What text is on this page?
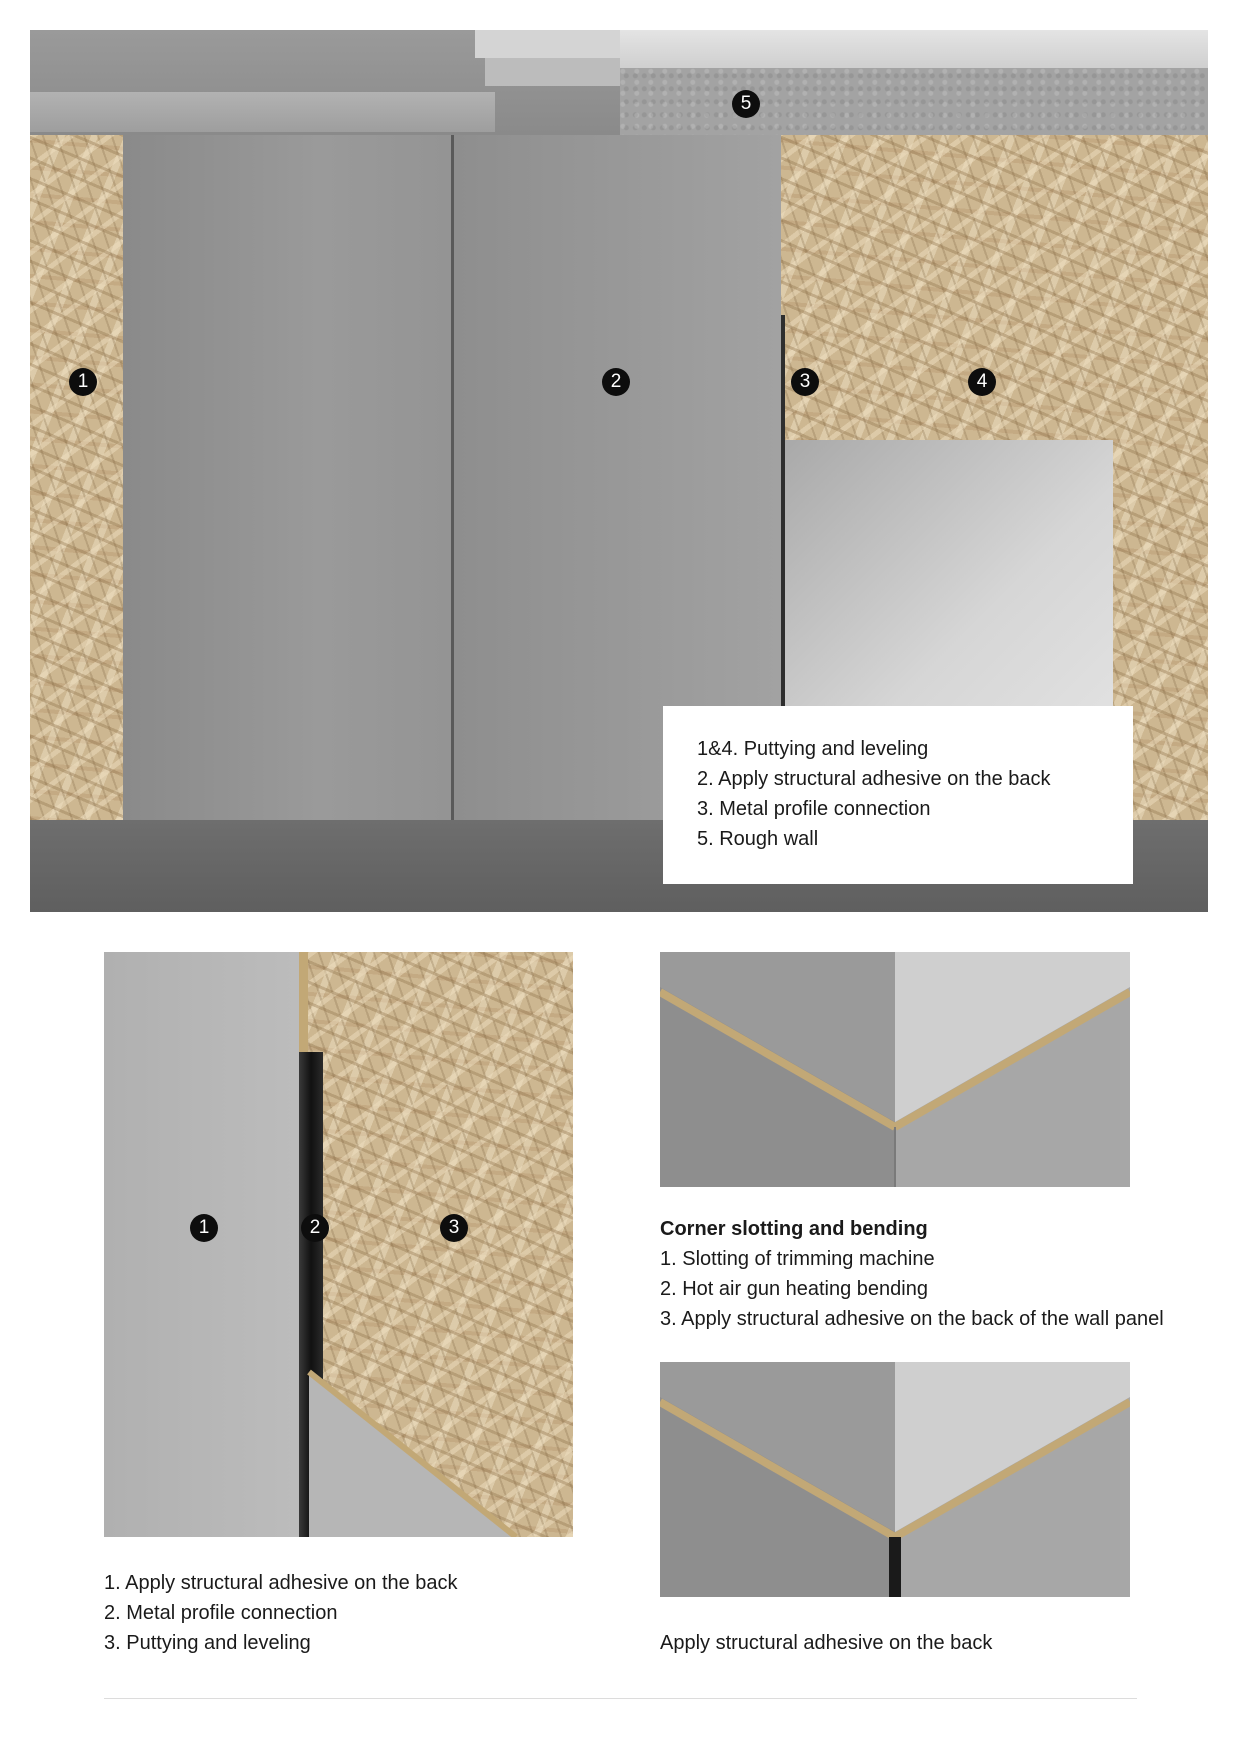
1	2	3	4
5
1&4. Puttying and leveling
2. Apply structural adhesive on the back
3. Metal profile connection
5. Rough wall
1	2	3
1. Apply structural adhesive on the back
2. Metal profile connection
3. Puttying and leveling
Corner slotting and bending
1. Slotting of trimming machine
2. Hot air gun heating bending
3. Apply structural adhesive on the back of the wall panel
Apply structural adhesive on the back
